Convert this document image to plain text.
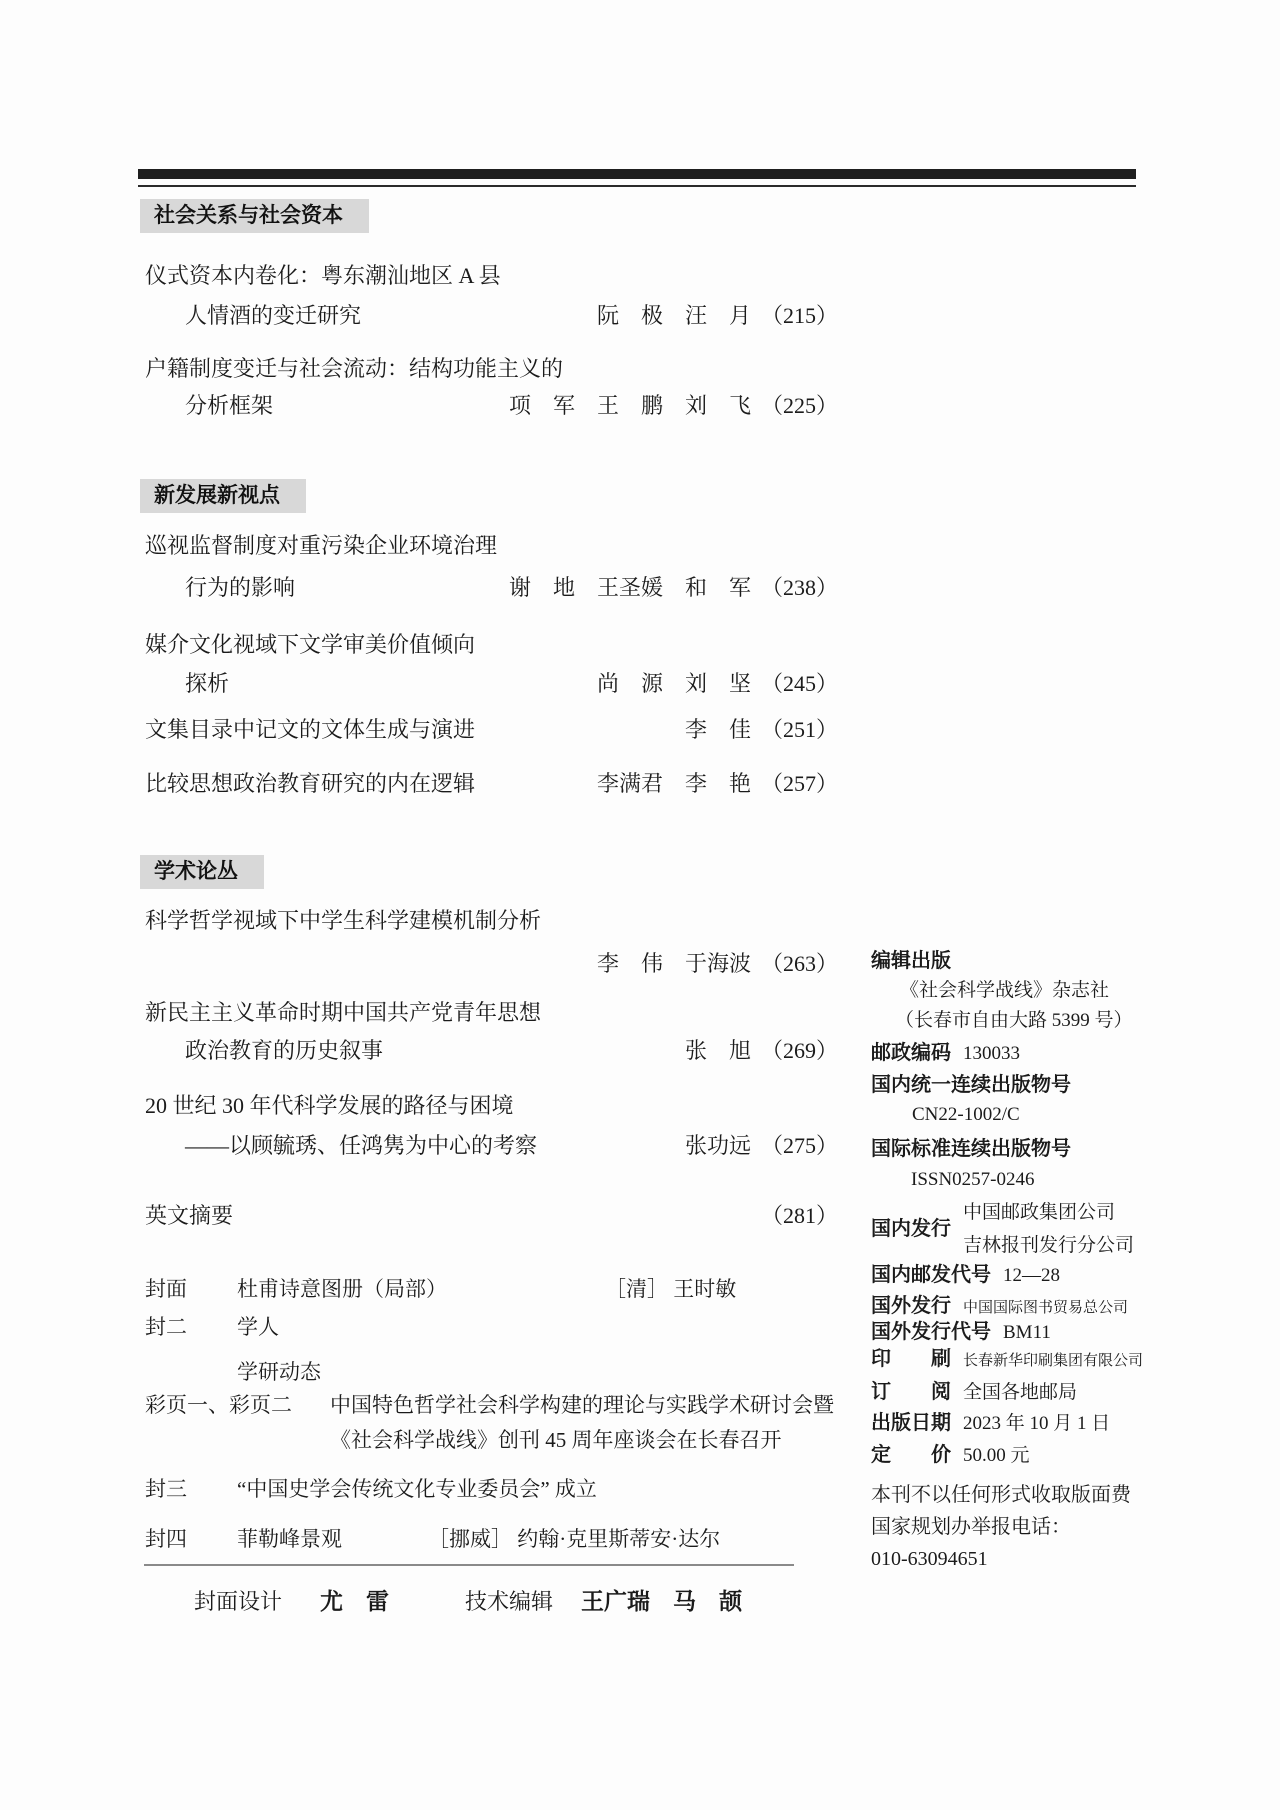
社会关系与社会资本
仪式资本内卷化：粤东潮汕地区 A 县
人情酒的变迁研究	阮　极　汪　月 （215）
户籍制度变迁与社会流动：结构功能主义的
分析框架	项　军　王　鹏　刘　飞 （225）
新发展新视点
巡视监督制度对重污染企业环境治理
行为的影响	谢　地　王圣媛　和　军 （238）
媒介文化视域下文学审美价值倾向
探析	尚　源　刘　坚 （245）
文集目录中记文的文体生成与演进	李　佳 （251）
比较思想政治教育研究的内在逻辑	李满君　李　艳 （257）
学术论丛
科学哲学视域下中学生科学建模机制分析
李　伟　于海波 （263）
新民主主义革命时期中国共产党青年思想
政治教育的历史叙事	张　旭 （269）
20 世纪 30 年代科学发展的路径与困境
——以顾毓琇、任鸿隽为中心的考察	张功远 （275）
英文摘要	（281）
封面 杜甫诗意图册（局部）	［清］ 王时敏
封二 学人
学研动态
彩页一、彩页二 中国特色哲学社会科学构建的理论与实践学术研讨会暨
《社会科学战线》创刊 45 周年座谈会在长春召开
封三 “中国史学会传统文化专业委员会” 成立
封四 菲勒峰景观	［挪威］ 约翰·克里斯蒂安·达尔
封面设计 尤　雷	技术编辑 王广瑞　马　颉
编辑出版
《社会科学战线》杂志社
（长春市自由大路 5399 号）
邮政编码 130033
国内统一连续出版物号
CN22-1002/C
国际标准连续出版物号
ISSN0257-0246
国内发行
中国邮政集团公司
吉林报刊发行分公司
国内邮发代号 12—28
国外发行 中国国际图书贸易总公司
国外发行代号 BM11
印　　刷 长春新华印刷集团有限公司
订　　阅 全国各地邮局
出版日期 2023 年 10 月 1 日
定　　价 50.00 元
本刊不以任何形式收取版面费
国家规划办举报电话：
010-63094651
